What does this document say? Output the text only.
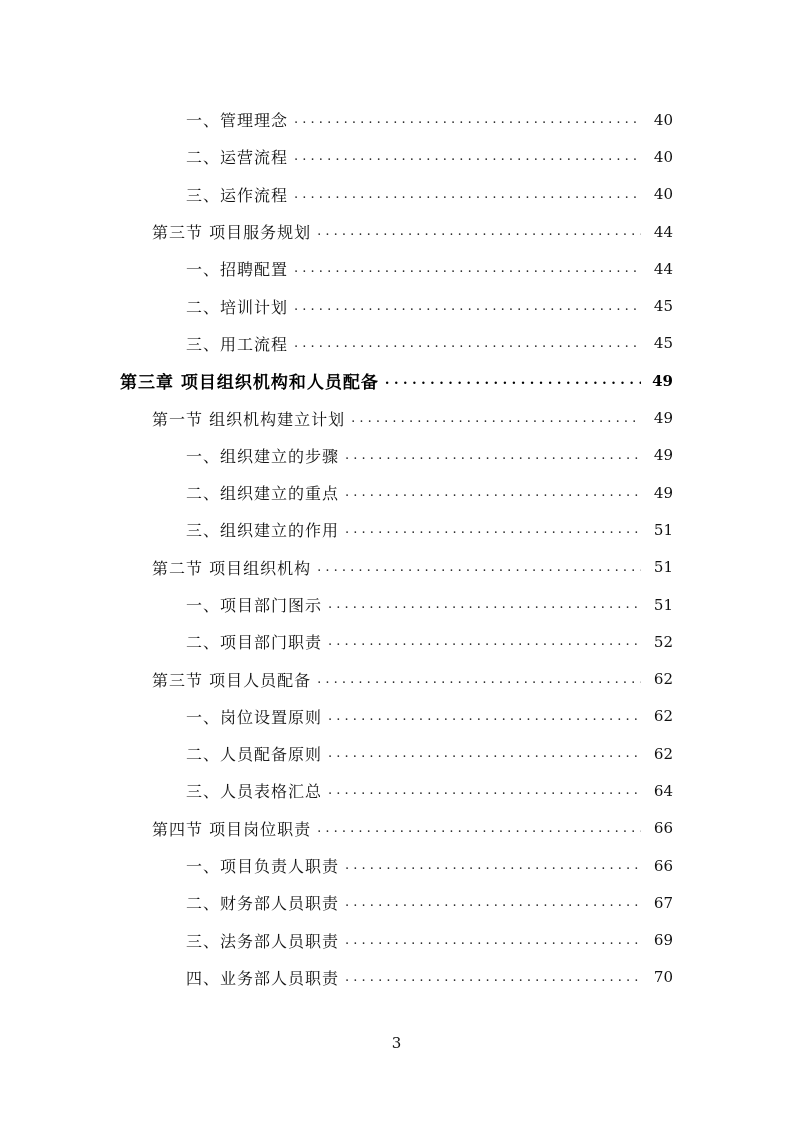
一、管理理念 . . .	40
二、运营流程 . . .	40
三、运作流程 . . .	40
第三节 项目服务规划 . . .	44
一、招聘配置 . . .	44
二、培训计划 . . .	45
三、用工流程 . . .	45
第三章 项目组织机构和人员配备 . . .	49
第一节 组织机构建立计划 . . .	49
一、组织建立的步骤 . . .	49
二、组织建立的重点 . . .	49
三、组织建立的作用 . . .	51
第二节 项目组织机构 . . .	51
一、项目部门图示 . . .	51
二、项目部门职责 . . .	52
第三节 项目人员配备 . . .	62
一、岗位设置原则 . . .	62
二、人员配备原则 . . .	62
三、人员表格汇总 . . .	64
第四节 项目岗位职责 . . .	66
一、项目负责人职责 . . .	66
二、财务部人员职责 . . .	67
三、法务部人员职责 . . .	69
四、业务部人员职责 . . .	70
3
